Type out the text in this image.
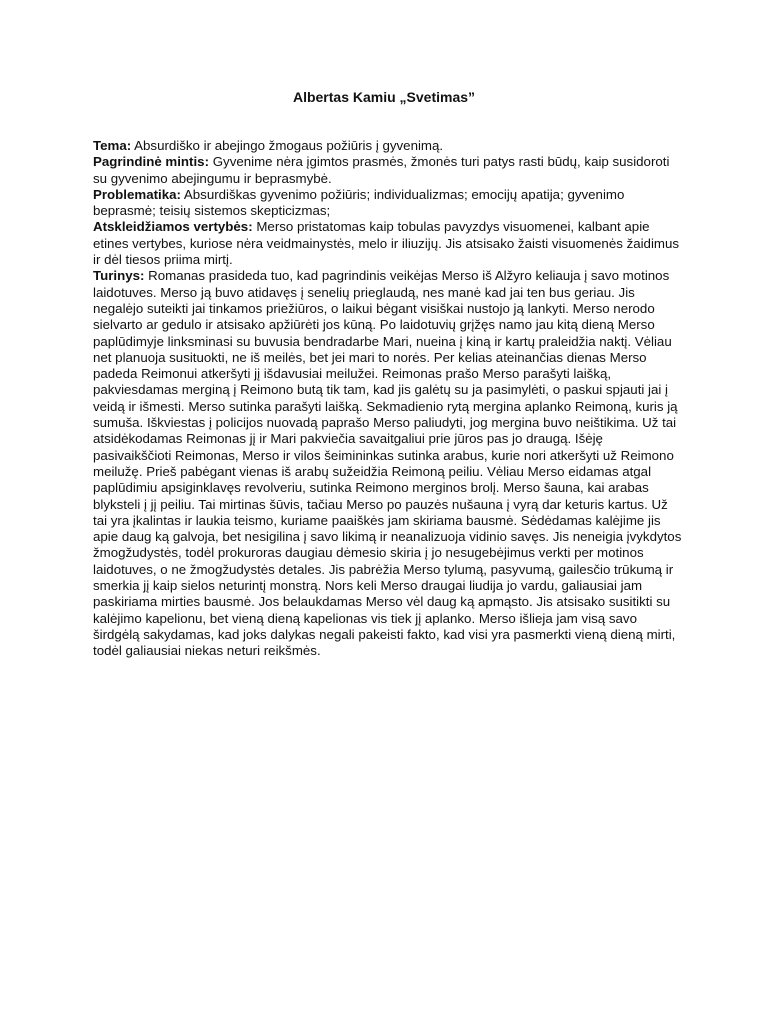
Albertas Kamiu „Svetimas”

Tema: Absurdiško ir abejingo žmogaus požiūris į gyvenimą.

Pagrindinė mintis: Gyvenime nėra įgimtos prasmės, žmonės turi patys rasti būdų, kaip susidoroti su gyvenimo abejingumu ir beprasmybė.

Problematika: Absurdiškas gyvenimo požiūris; individualizmas; emocijų apatija; gyvenimo beprasmė; teisių sistemos skepticizmas;

Atskleidžiamos vertybės: Merso pristatomas kaip tobulas pavyzdys visuomenei, kalbant apie etines vertybes, kuriose nėra veidmainystės, melo ir iliuzijų. Jis atsisako žaisti visuomenės žaidimus ir dėl tiesos priima mirtį.

Turinys: Romanas prasideda tuo, kad pagrindinis veikėjas Merso iš Alžyro keliauja į savo motinos laidotuves. Merso ją buvo atidavęs į senelių prieglaudą, nes manė kad jai ten bus geriau. Jis negalėjo suteikti jai tinkamos priežiūros, o laikui bėgant visiškai nustojo ją lankyti. Merso nerodo sielvarto ar gedulo ir atsisako apžiūrėti jos kūną. Po laidotuvių grįžęs namo jau kitą dieną Merso paplūdimyje linksminasi su buvusia bendradarbe Mari, nueina į kiną ir kartų praleidžia naktį. Vėliau net planuoja susituokti, ne iš meilės, bet jei mari to norės. Per kelias ateinančias dienas Merso padeda Reimonui atkeršyti jį išdavusiai meilužei. Reimonas prašo Merso parašyti laišką, pakviesdamas merginą į Reimono butą tik tam, kad jis galėtų su ja pasimylėti, o paskui spjauti jai į veidą ir išmesti. Merso sutinka parašyti laišką. Sekmadienio rytą mergina aplanko Reimoną, kuris ją sumuša. Iškviestas į policijos nuovadą paprašo Merso paliudyti, jog mergina buvo neištikima. Už tai atsidėkodamas Reimonas jį ir Mari pakviečia savaitgaliui prie jūros pas jo draugą. Išėję pasivaikščioti Reimonas, Merso ir vilos šeimininkas sutinka arabus, kurie nori atkeršyti už Reimono meilužę. Prieš pabėgant vienas iš arabų sužeidžia Reimoną peiliu. Vėliau Merso eidamas atgal paplūdimiu apsiginklavęs revolveriu, sutinka Reimono merginos brolį. Merso šauna, kai arabas blyksteli į jį peiliu. Tai mirtinas šūvis, tačiau Merso po pauzės nušauna į vyrą dar keturis kartus. Už tai yra įkalintas ir laukia teismo, kuriame paaiškės jam skiriama bausmė. Sėdėdamas kalėjime jis apie daug ką galvoja, bet nesigilina į savo likimą ir neanalizuoja vidinio savęs. Jis neneigia įvykdytos žmogžudystės, todėl prokuroras daugiau dėmesio skiria į jo nesugebėjimus verkti per motinos laidotuves, o ne žmogžudystės detales. Jis pabrėžia Merso tylumą, pasyvumą, gailesčio trūkumą ir smerkia jį kaip sielos neturintį monstrą. Nors keli Merso draugai liudija jo vardu, galiausiai jam paskiriama mirties bausmė. Jos belaukdamas Merso vėl daug ką apmąsto. Jis atsisako susitikti su kalėjimo kapelionu, bet vieną dieną kapelionas vis tiek jį aplanko. Merso išlieja jam visą savo širdgėlą sakydamas, kad joks dalykas negali pakeisti fakto, kad visi yra pasmerkti vieną dieną mirti, todėl galiausiai niekas neturi reikšmės.
